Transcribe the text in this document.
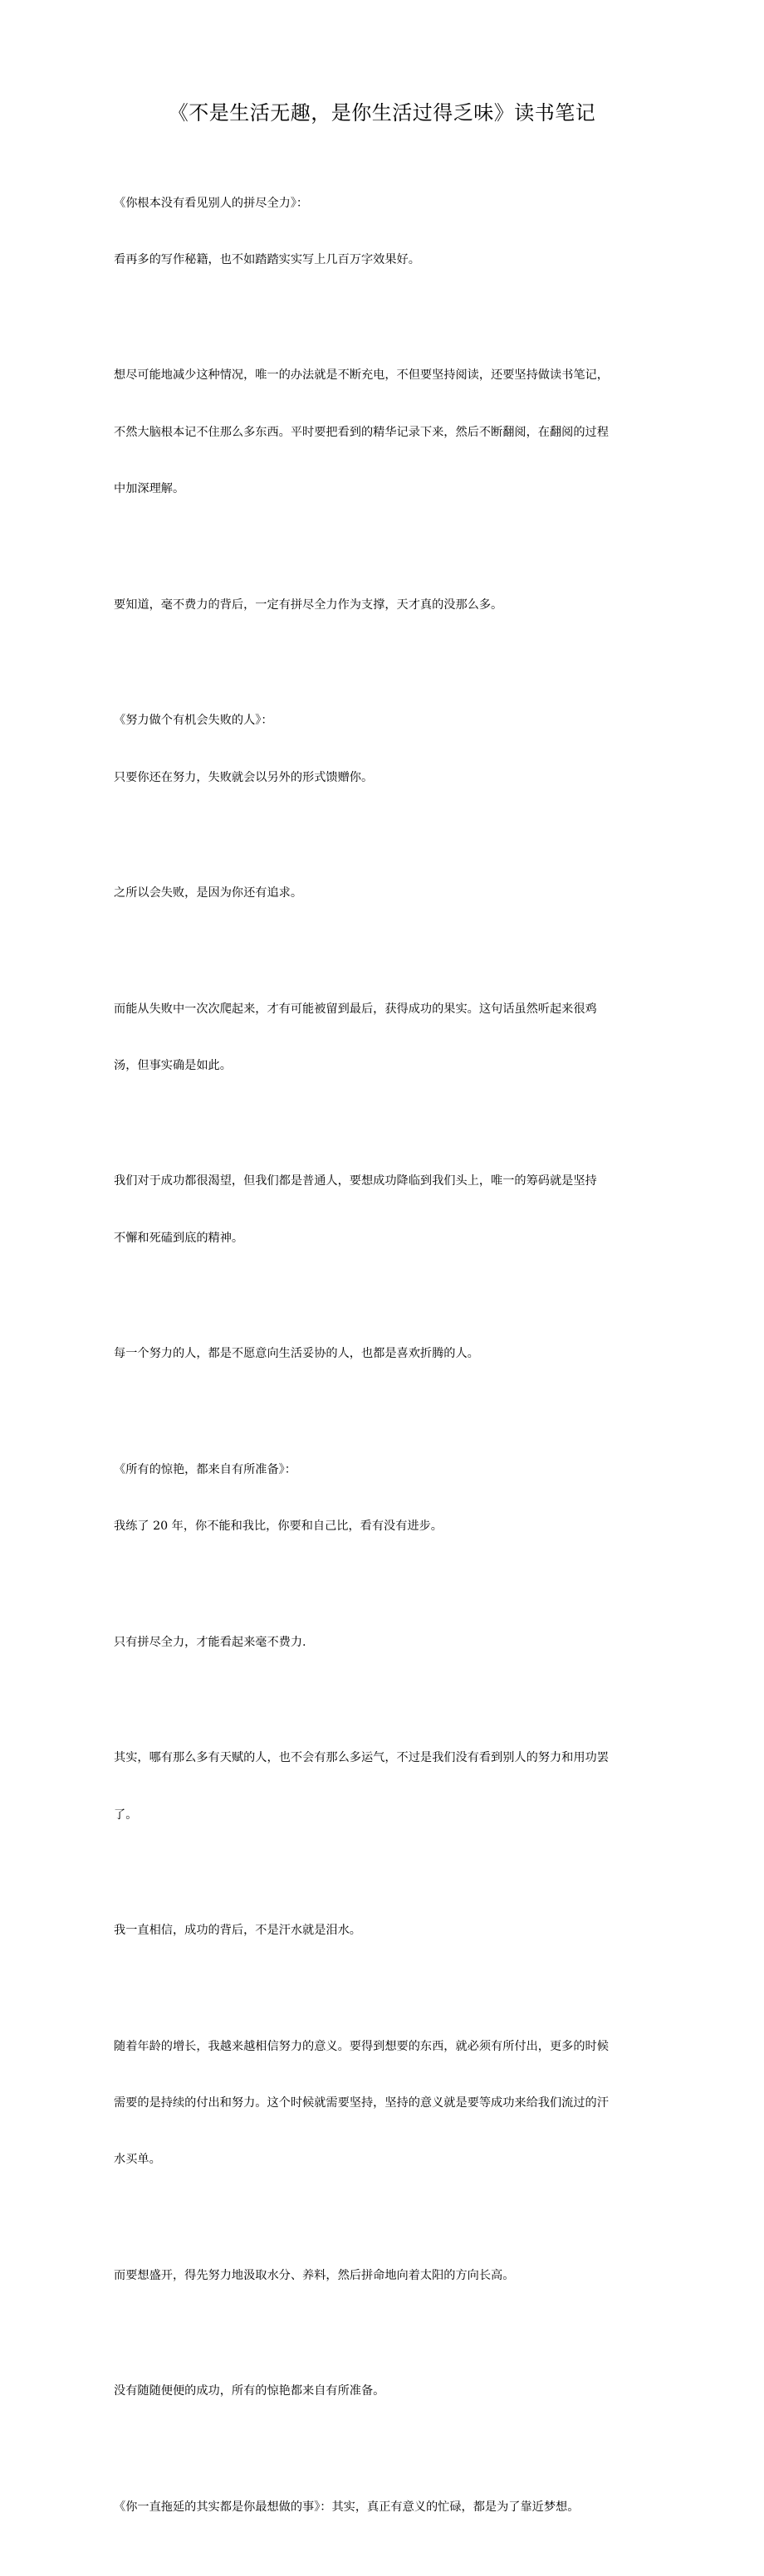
《不是生活无趣，是你生活过得乏味》读书笔记

《你根本没有看见别人的拼尽全力》：

看再多的写作秘籍，也不如踏踏实实写上几百万字效果好。

想尽可能地减少这种情况，唯一的办法就是不断充电，不但要坚持阅读，还要坚持做读书笔记，

不然大脑根本记不住那么多东西。平时要把看到的精华记录下来，然后不断翻阅，在翻阅的过程

中加深理解。

要知道，毫不费力的背后，一定有拼尽全力作为支撑，天才真的没那么多。

《努力做个有机会失败的人》：

只要你还在努力，失败就会以另外的形式馈赠你。

之所以会失败，是因为你还有追求。

而能从失败中一次次爬起来，才有可能被留到最后，获得成功的果实。这句话虽然听起来很鸡

汤，但事实确是如此。

我们对于成功都很渴望，但我们都是普通人，要想成功降临到我们头上，唯一的筹码就是坚持

不懈和死磕到底的精神。

每一个努力的人，都是不愿意向生活妥协的人，也都是喜欢折腾的人。

《所有的惊艳，都来自有所准备》：

我练了 20 年，你不能和我比，你要和自己比，看有没有进步。

只有拼尽全力，才能看起来毫不费力.

其实，哪有那么多有天赋的人，也不会有那么多运气，不过是我们没有看到别人的努力和用功罢

了。

我一直相信，成功的背后，不是汗水就是泪水。

随着年龄的增长，我越来越相信努力的意义。要得到想要的东西，就必须有所付出，更多的时候

需要的是持续的付出和努力。这个时候就需要坚持，坚持的意义就是要等成功来给我们流过的汗

水买单。

而要想盛开，得先努力地汲取水分、养料，然后拼命地向着太阳的方向长高。

没有随随便便的成功，所有的惊艳都来自有所准备。

《你一直拖延的其实都是你最想做的事》：其实，真正有意义的忙碌，都是为了靠近梦想。
